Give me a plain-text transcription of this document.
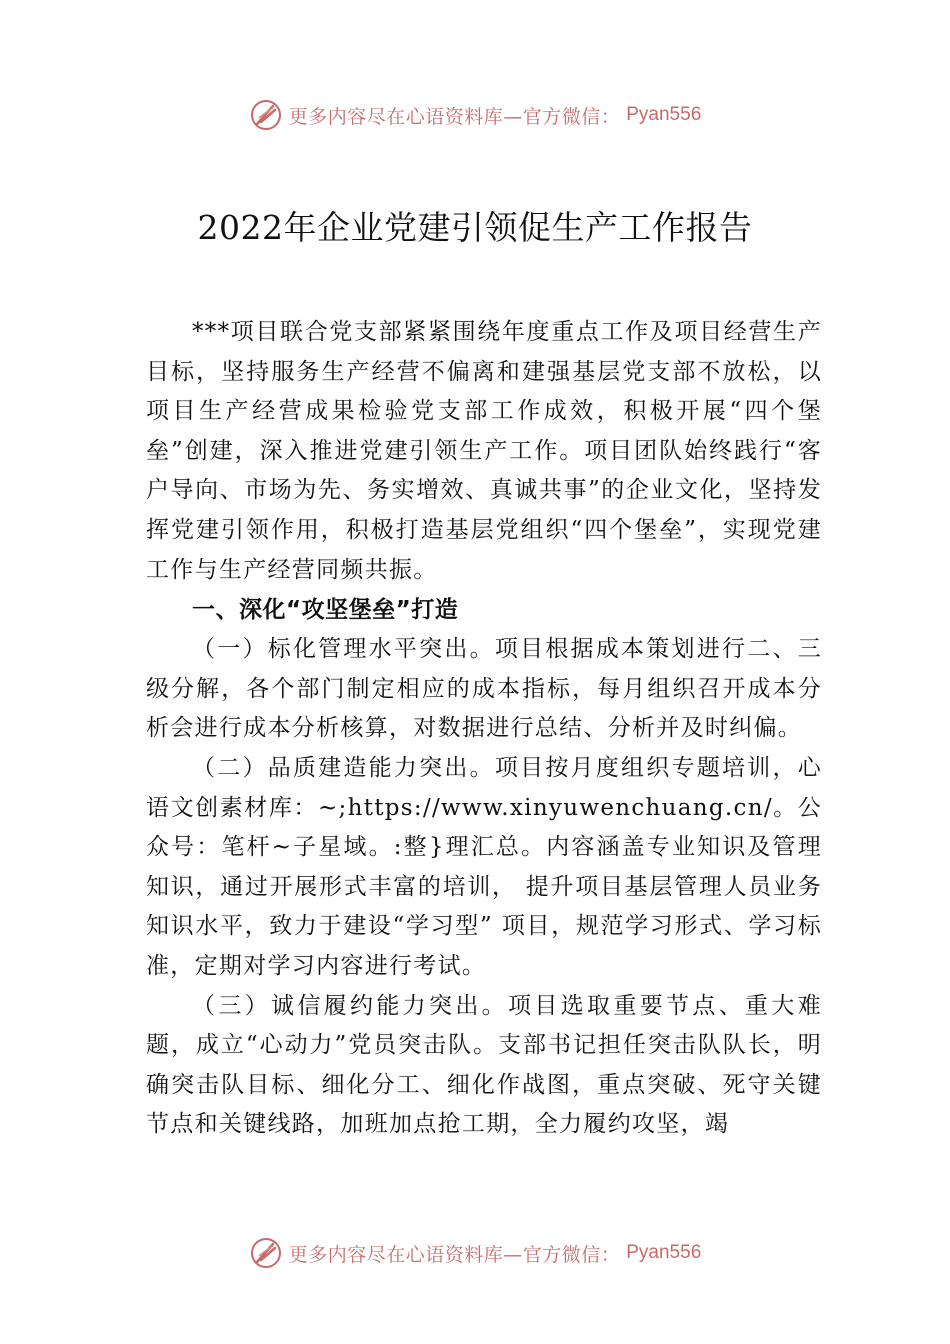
更多内容尽在心语资料库—官方微信： Pyan556
2022年企业党建引领促生产工作报告

***项目联合党支部紧紧围绕年度重点工作及项目经营生产目标，坚持服务生产经营不偏离和建强基层党支部不放松，以项目生产经营成果检验党支部工作成效，积极开展“四个堡垒”创建，深入推进党建引领生产工作。项目团队始终践行“客户导向、市场为先、务实增效、真诚共事”的企业文化，坚持发挥党建引领作用，积极打造基层党组织“四个堡垒”，实现党建工作与生产经营同频共振。

一、深化“攻坚堡垒”打造

（一）标化管理水平突出。项目根据成本策划进行二、三级分解，各个部门制定相应的成本指标，每月组织召开成本分析会进行成本分析核算，对数据进行总结、分析并及时纠偏。

（二）品质建造能力突出。项目按月度组织专题培训，心语文创素材库：~;https://www.xinyuwenchuang.cn/。公众号：笔杆~子星域。:整}理汇总。内容涵盖专业知识及管理知识，通过开展形式丰富的培训， 提升项目基层管理人员业务知识水平，致力于建设“学习型” 项目，规范学习形式、学习标准，定期对学习内容进行考试。

（三）诚信履约能力突出。项目选取重要节点、重大难题，成立“心动力”党员突击队。支部书记担任突击队队长，明确突击队目标、细化分工、细化作战图，重点突破、死守关键节点和关键线路，加班加点抢工期，全力履约攻坚，竭

更多内容尽在心语资料库—官方微信： Pyan556
